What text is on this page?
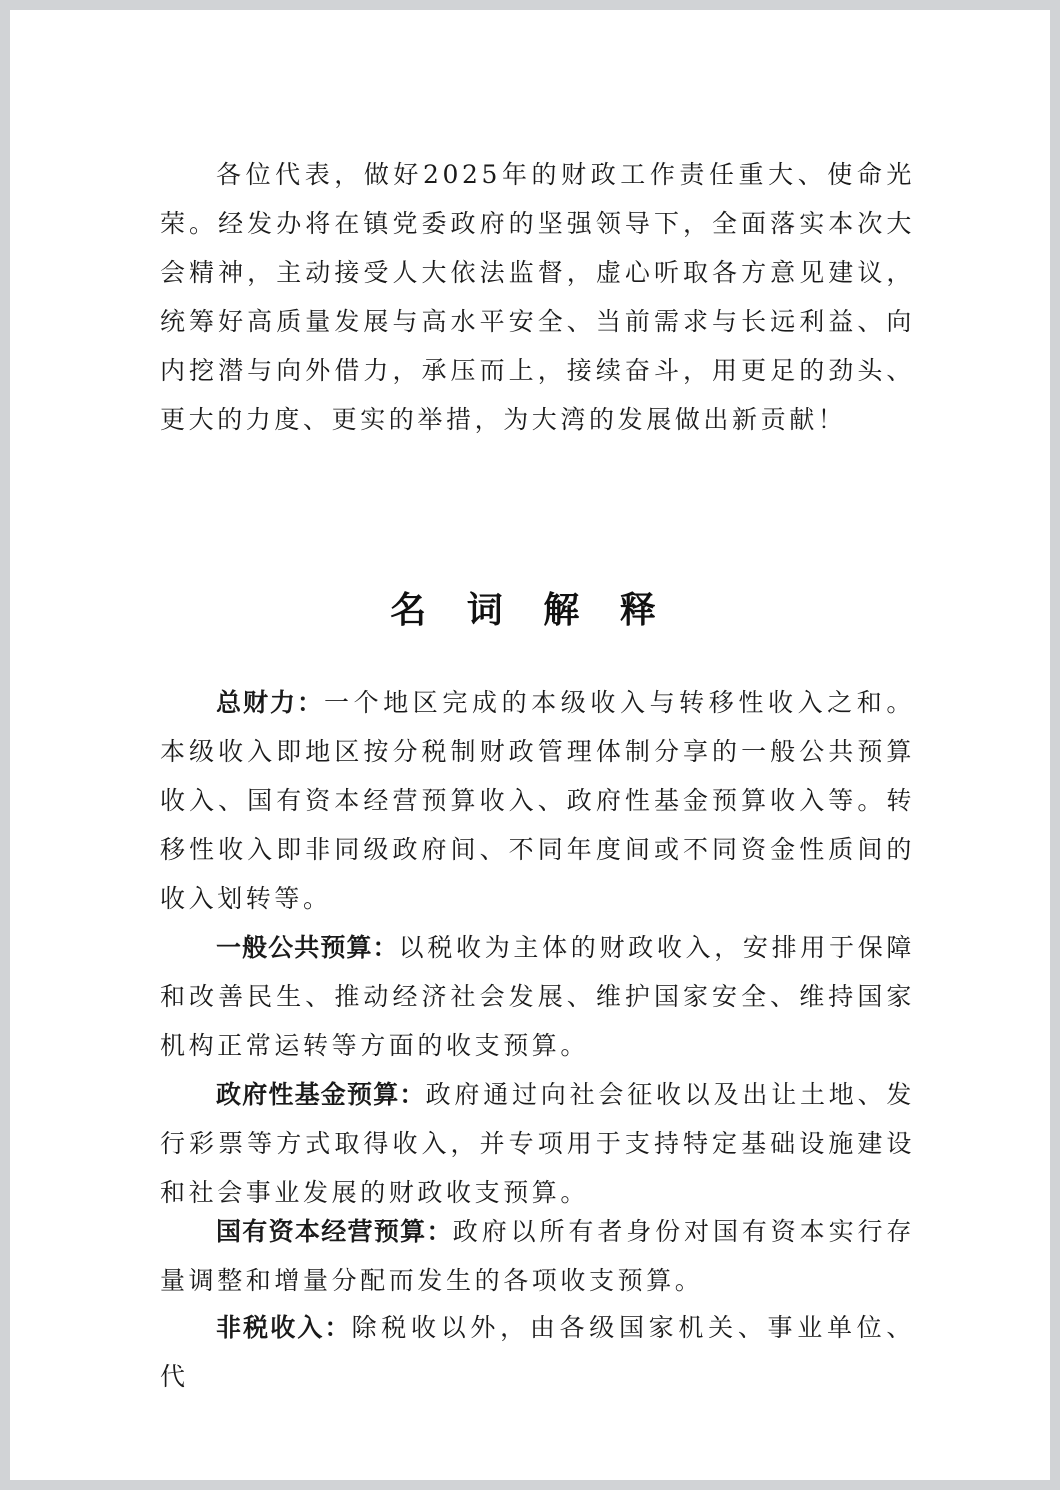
各位代表，做好2025年的财政工作责任重大、使命光荣。经发办将在镇党委政府的坚强领导下，全面落实本次大会精神，主动接受人大依法监督，虚心听取各方意见建议，统筹好高质量发展与高水平安全、当前需求与长远利益、向内挖潜与向外借力，承压而上，接续奋斗，用更足的劲头、更大的力度、更实的举措，为大湾的发展做出新贡献！

名 词 解 释

总财力：一个地区完成的本级收入与转移性收入之和。本级收入即地区按分税制财政管理体制分享的一般公共预算收入、国有资本经营预算收入、政府性基金预算收入等。转移性收入即非同级政府间、不同年度间或不同资金性质间的收入划转等。

一般公共预算：以税收为主体的财政收入，安排用于保障和改善民生、推动经济社会发展、维护国家安全、维持国家机构正常运转等方面的收支预算。

政府性基金预算：政府通过向社会征收以及出让土地、发行彩票等方式取得收入，并专项用于支持特定基础设施建设和社会事业发展的财政收支预算。

国有资本经营预算：政府以所有者身份对国有资本实行存量调整和增量分配而发生的各项收支预算。

非税收入：除税收以外，由各级国家机关、事业单位、代
